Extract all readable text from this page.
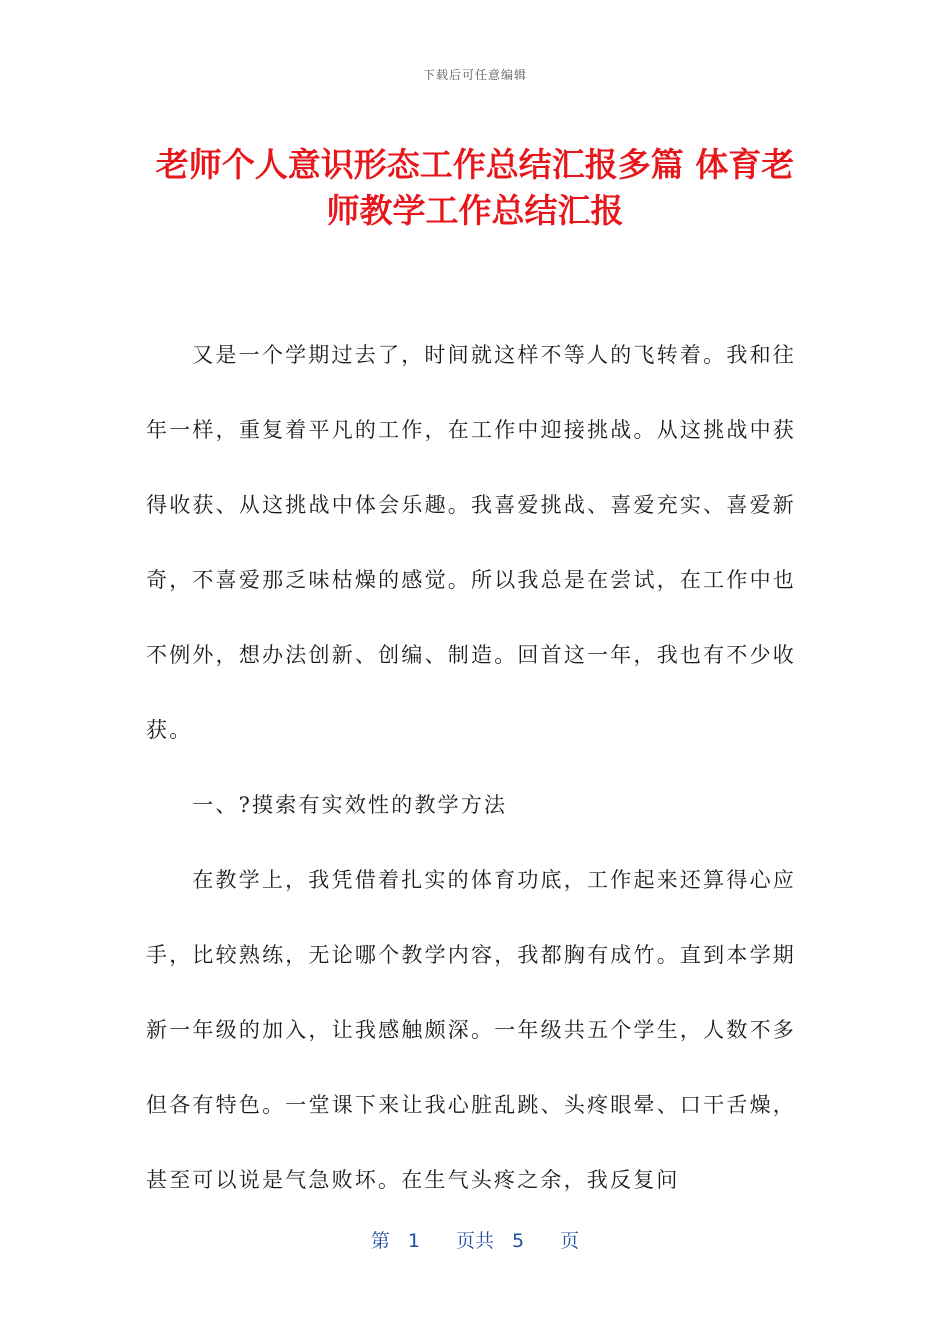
下载后可任意编辑
老师个人意识形态工作总结汇报多篇 体育老师教学工作总结汇报

又是一个学期过去了，时间就这样不等人的飞转着。我和往年一样，重复着平凡的工作，在工作中迎接挑战。从这挑战中获得收获、从这挑战中体会乐趣。我喜爱挑战、喜爱充实、喜爱新奇，不喜爱那乏味枯燥的感觉。所以我总是在尝试，在工作中也不例外，想办法创新、创编、制造。回首这一年，我也有不少收获。

一、?摸索有实效性的教学方法

在教学上，我凭借着扎实的体育功底，工作起来还算得心应手，比较熟练，无论哪个教学内容，我都胸有成竹。直到本学期新一年级的加入，让我感触颇深。一年级共五个学生，人数不多但各有特色。一堂课下来让我心脏乱跳、头疼眼晕、口干舌燥，甚至可以说是气急败坏。在生气头疼之余，我反复问

第 1 页共 5 页
